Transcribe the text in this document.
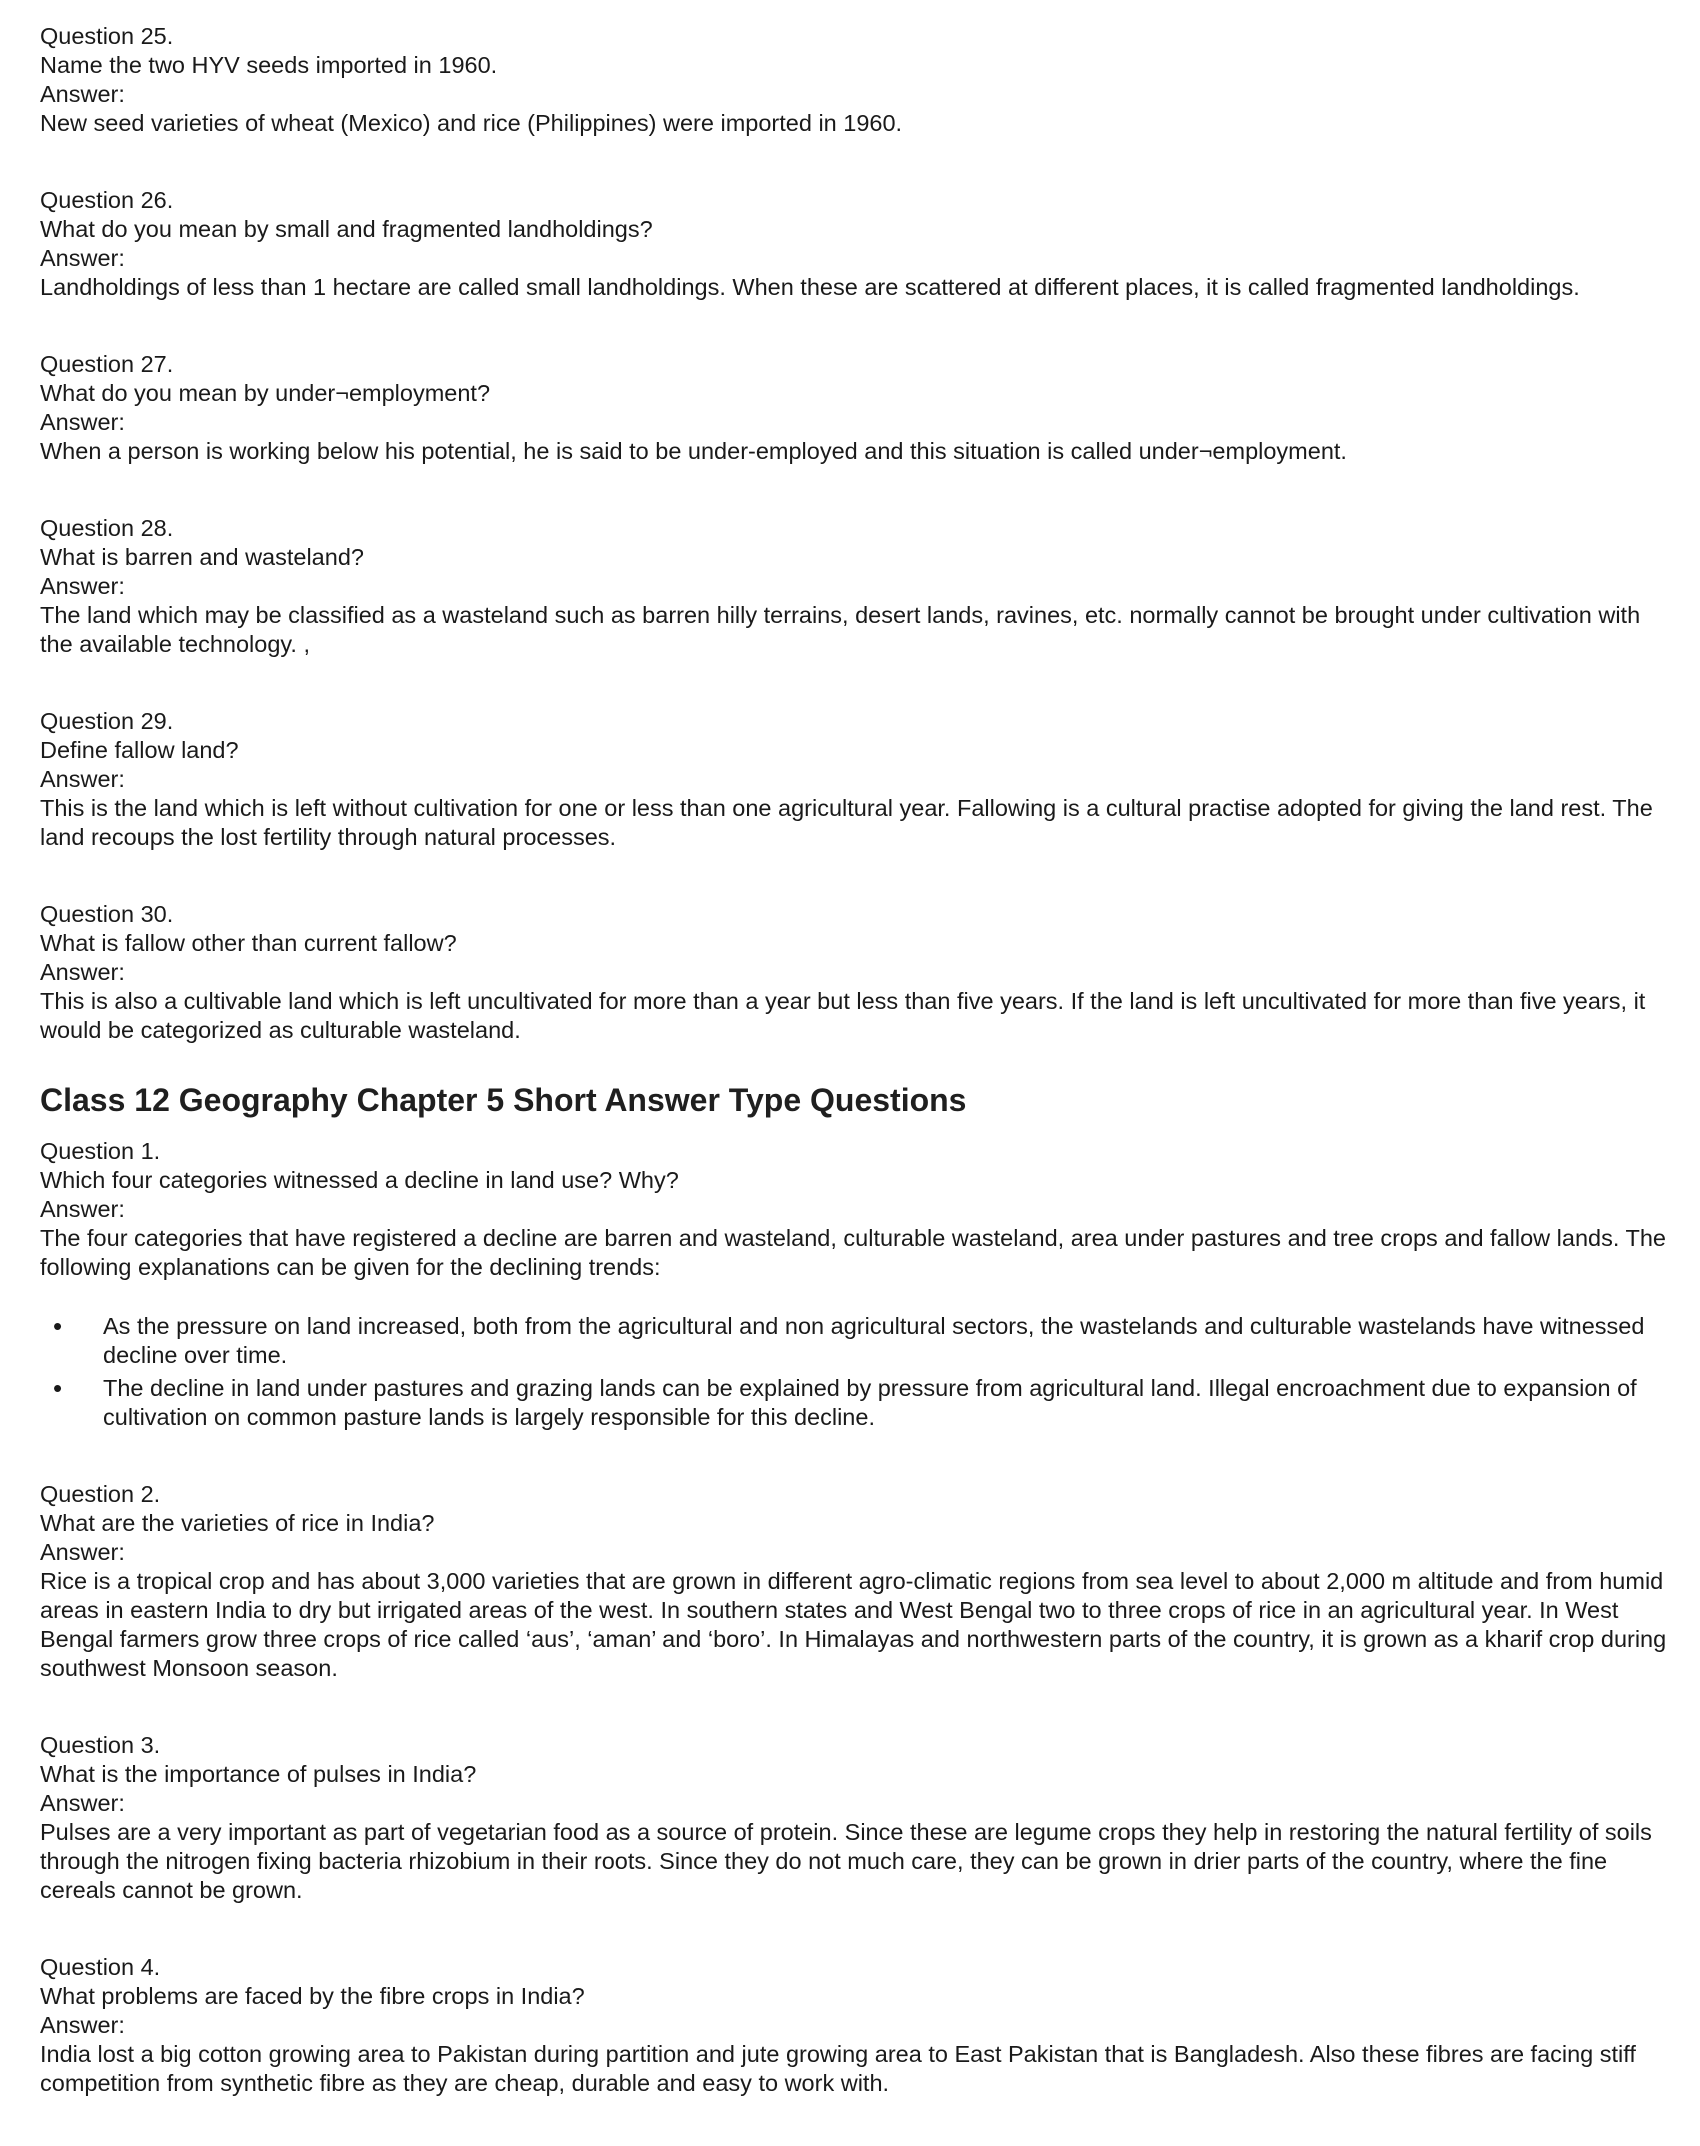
Question 25.
Name the two HYV seeds imported in 1960.
Answer:
New seed varieties of wheat (Mexico) and rice (Philippines) were imported in 1960.
Question 26.
What do you mean by small and fragmented landholdings?
Answer:
Landholdings of less than 1 hectare are called small landholdings. When these are scattered at different places, it is called fragmented landholdings.
Question 27.
What do you mean by under¬employment?
Answer:
When a person is working below his potential, he is said to be under-employed and this situation is called under¬employment.
Question 28.
What is barren and wasteland?
Answer:
The land which may be classified as a wasteland such as barren hilly terrains, desert lands, ravines, etc. normally cannot be brought under cultivation with the available technology. ,
Question 29.
Define fallow land?
Answer:
This is the land which is left without cultivation for one or less than one agricultural year. Fallowing is a cultural practise adopted for giving the land rest. The land recoups the lost fertility through natural processes.
Question 30.
What is fallow other than current fallow?
Answer:
This is also a cultivable land which is left uncultivated for more than a year but less than five years. If the land is left uncultivated for more than five years, it would be categorized as culturable wasteland.
Class 12 Geography Chapter 5 Short Answer Type Questions
Question 1.
Which four categories witnessed a decline in land use? Why?
Answer:
The four categories that have registered a decline are barren and wasteland, culturable wasteland, area under pastures and tree crops and fallow lands. The following explanations can be given for the declining trends:
• As the pressure on land increased, both from the agricultural and non agricultural sectors, the wastelands and culturable wastelands have witnessed decline over time.
• The decline in land under pastures and grazing lands can be explained by pressure from agricultural land. Illegal encroachment due to expansion of cultivation on common pasture lands is largely responsible for this decline.
Question 2.
What are the varieties of rice in India?
Answer:
Rice is a tropical crop and has about 3,000 varieties that are grown in different agro-climatic regions from sea level to about 2,000 m altitude and from humid areas in eastern India to dry but irrigated areas of the west. In southern states and West Bengal two to three crops of rice in an agricultural year. In West Bengal farmers grow three crops of rice called ‘aus’, ‘aman’ and ‘boro’. In Himalayas and northwestern parts of the country, it is grown as a kharif crop during southwest Monsoon season.
Question 3.
What is the importance of pulses in India?
Answer:
Pulses are a very important as part of vegetarian food as a source of protein. Since these are legume crops they help in restoring the natural fertility of soils through the nitrogen fixing bacteria rhizobium in their roots. Since they do not much care, they can be grown in drier parts of the country, where the fine cereals cannot be grown.
Question 4.
What problems are faced by the fibre crops in India?
Answer:
India lost a big cotton growing area to Pakistan during partition and jute growing area to East Pakistan that is Bangladesh. Also these fibres are facing stiff competition from synthetic fibre as they are cheap, durable and easy to work with.
